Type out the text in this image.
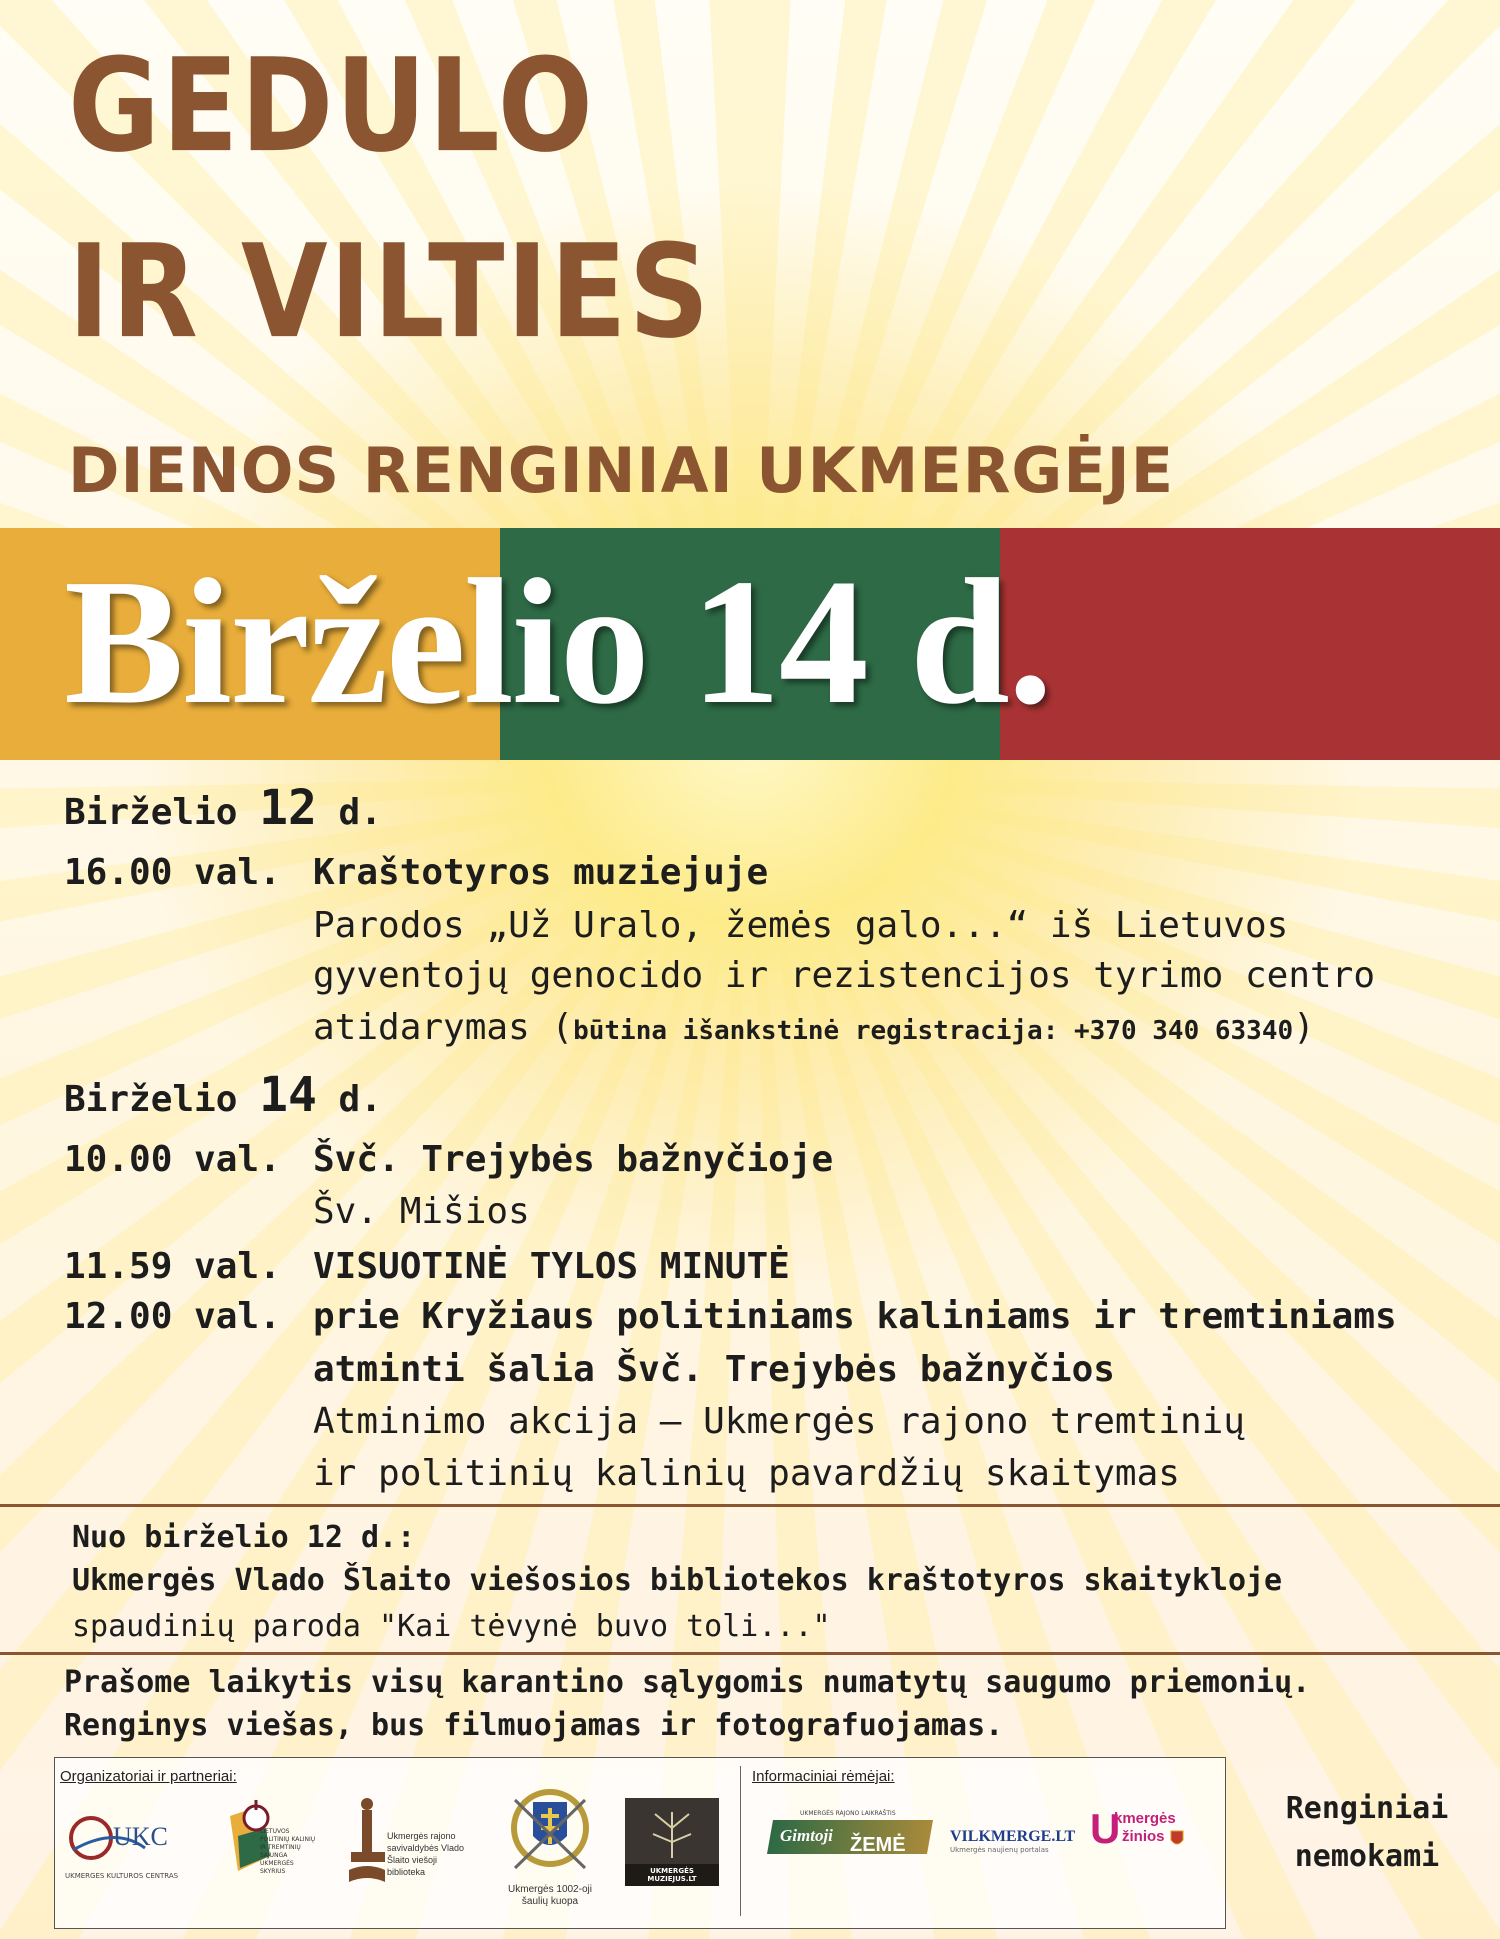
GEDULO
IR VILTIES
DIENOS RENGINIAI UKMERGĖJE
Birželio 14 d.
Birželio 12 d.
16.00 val. Kraštotyros muziejuje
Parodos „Už Uralo, žemės galo...“ iš Lietuvos
gyventojų genocido ir rezistencijos tyrimo centro
atidarymas (būtina išankstinė registracija: +370 340 63340)
Birželio 14 d.
10.00 val. Švč. Trejybės bažnyčioje
Šv. Mišios
11.59 val. VISUOTINĖ TYLOS MINUTĖ
12.00 val. prie Kryžiaus politiniams kaliniams ir tremtiniams
atminti šalia Švč. Trejybės bažnyčios
Atminimo akcija – Ukmergės rajono tremtinių
ir politinių kalinių pavardžių skaitymas
Nuo birželio 12 d.:
Ukmergės Vlado Šlaito viešosios bibliotekos kraštotyros skaitykloje
spaudinių paroda "Kai tėvynė buvo toli..."
Prašome laikytis visų karantino sąlygomis numatytų saugumo priemonių.
Renginys viešas, bus filmuojamas ir fotografuojamas.
Organizatoriai ir partneriai:	Informaciniai rėmėjai:
UKC
UKMERGĖS KULTŪROS CENTRAS
LIETUVOS POLITINIŲ KALINIŲ IR TREMTINIŲ SĄJUNGA UKMERGĖS SKYRIUS
Ukmergės rajono savivaldybės Vlado Šlaito viešoji biblioteka
Ukmergės 1002-oji šaulių kuopa
UKMERGĖS MUZIEJUS.LT
UKMERGĖS RAJONO LAIKRAŠTIS
Gimtoji ŽEMĖ	VILKMERGE.LT
Ukmergės naujienų portalas U
kmergės
žinios
Renginiai
nemokami
